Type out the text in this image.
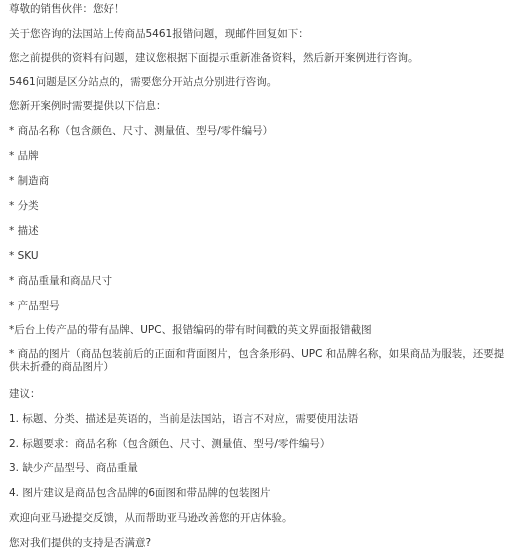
尊敬的销售伙伴：您好！
关于您咨询的法国站上传商品5461报错问题，现邮件回复如下：
您之前提供的资料有问题，建议您根据下面提示重新准备资料，然后新开案例进行咨询。
5461问题是区分站点的，需要您分开站点分别进行咨询。
您新开案例时需要提供以下信息：
* 商品名称（包含颜色、尺寸、测量值、型号/零件编号）
* 品牌
* 制造商
* 分类
* 描述
* SKU
* 商品重量和商品尺寸
* 产品型号
*后台上传产品的带有品牌、UPC、报错编码的带有时间戳的英文界面报错截图
* 商品的图片（商品包装前后的正面和背面图片，包含条形码、UPC 和品牌名称，如果商品为服装，还要提供未折叠的商品图片）
建议：
1. 标题、分类、描述是英语的，当前是法国站，语言不对应，需要使用法语
2. 标题要求：商品名称（包含颜色、尺寸、测量值、型号/零件编号）
3. 缺少产品型号、商品重量
4. 图片建议是商品包含品牌的6面图和带品牌的包装图片
欢迎向亚马逊提交反馈，从而帮助亚马逊改善您的开店体验。
您对我们提供的支持是否满意?
